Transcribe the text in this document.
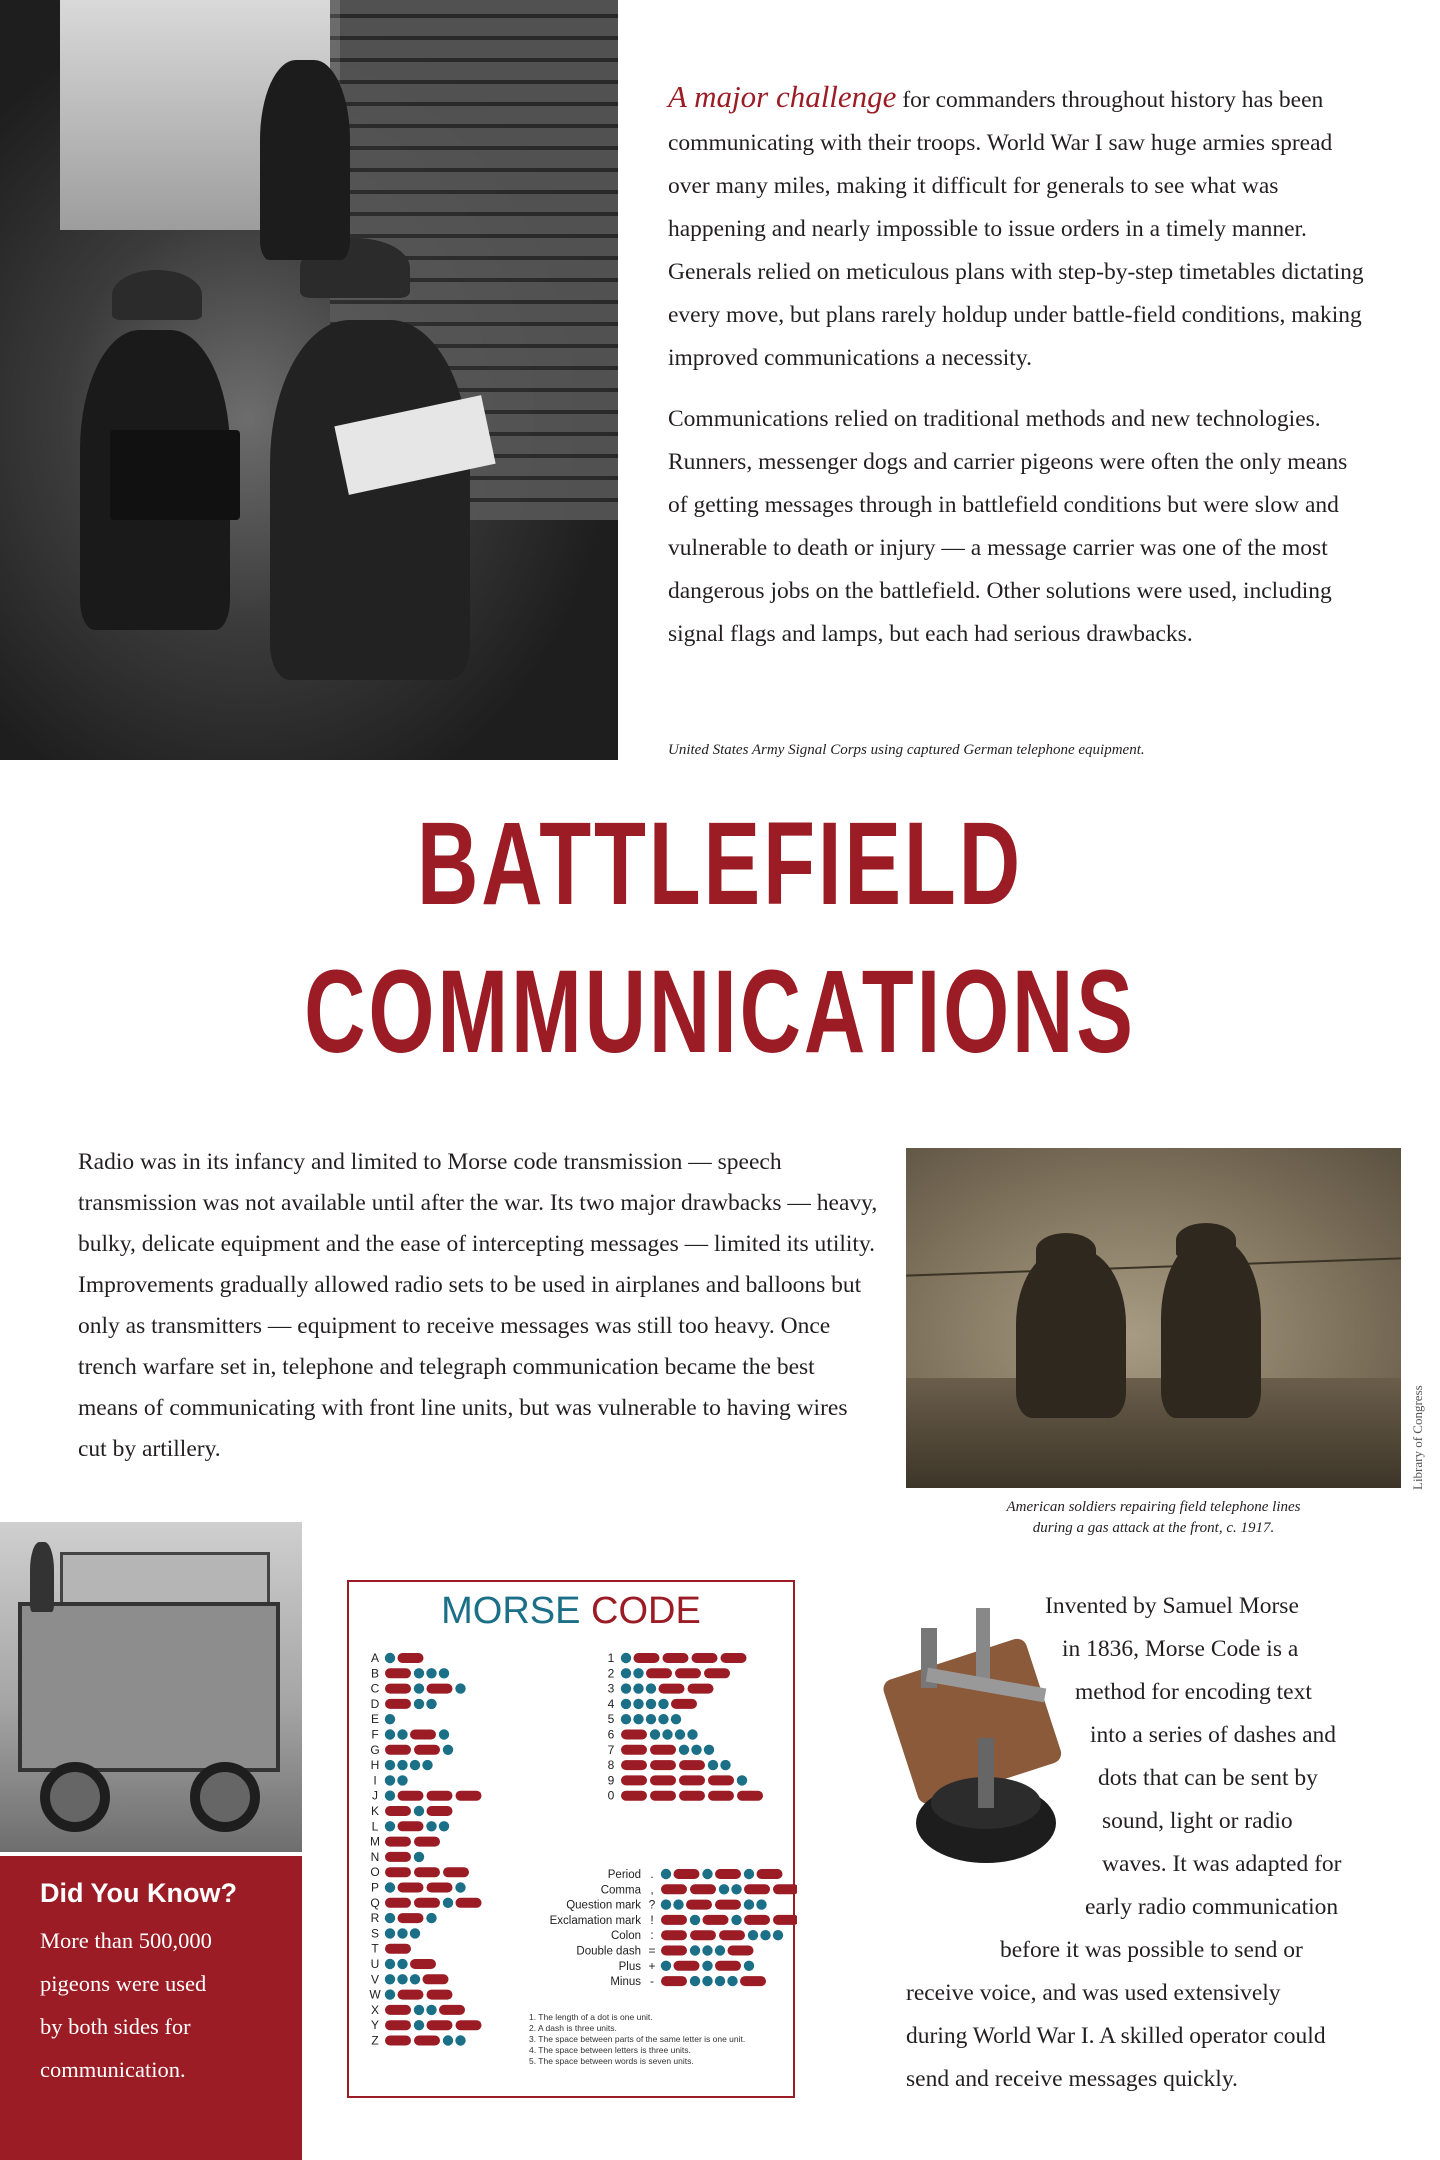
A major challenge for commanders throughout history has been communicating with their troops. World War I saw huge armies spread over many miles, making it difficult for generals to see what was happening and nearly impossible to issue orders in a timely manner. Generals relied on meticulous plans with step-by-step timetables dictating every move, but plans rarely holdup under battle-field conditions, making improved communications a necessity.

Communications relied on traditional methods and new technologies. Runners, messenger dogs and carrier pigeons were often the only means of getting messages through in battlefield conditions but were slow and vulnerable to death or injury — a message carrier was one of the most dangerous jobs on the battlefield. Other solutions were used, including signal flags and lamps, but each had serious drawbacks.

United States Army Signal Corps using captured German telephone equipment.
BATTLEFIELD
COMMUNICATIONS
Radio was in its infancy and limited to Morse code transmission — speech transmission was not available until after the war. Its two major drawbacks — heavy, bulky, delicate equipment and the ease of intercepting messages — limited its utility. Improvements gradually allowed radio sets to be used in airplanes and balloons but only as transmitters — equipment to receive messages was still too heavy. Once trench warfare set in, telephone and telegraph communication became the best means of communicating with front line units, but was vulnerable to having wires cut by artillery.	Library of Congress
American soldiers repairing field telephone lines
during a gas attack at the front, c. 1917.
Did You Know?
More than 500,000
pigeons were used
by both sides for
communication.
MORSE CODE
A
B
C
D
E
F
G
H
I
J
K
L
M
N
O
P
Q
R
S
T
U
V
W
X
Y
Z
1
2
3
4
5
6
7
8
9
0
Period .
Comma ,
Question mark ?
Exclamation mark !
Colon :
Double dash =
Plus +
Minus -
1. The length of a dot is one unit.
2. A dash is three units.
3. The space between parts of the same letter is one unit.
4. The space between letters is three units.
5. The space between words is seven units.
Invented by Samuel Morse
in 1836, Morse Code is a
method for encoding text
into a series of dashes and
dots that can be sent by
sound, light or radio
waves. It was adapted for
early radio communication
before it was possible to send or
receive voice, and was used extensively
during World War I. A skilled operator could
send and receive messages quickly.
